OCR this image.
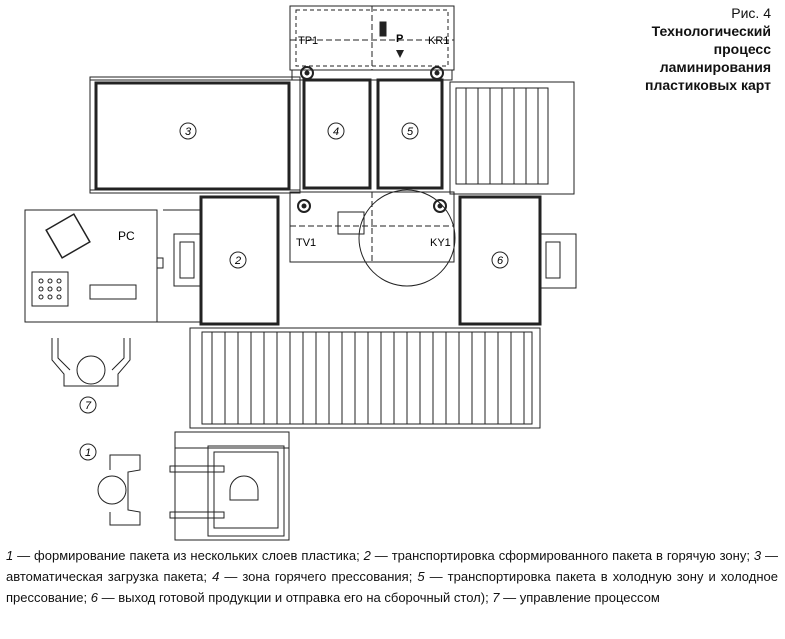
3	4	5
2	6
7
1
PC
TP1	P KR1
TV1	KY1
Рис. 4
Технологический
процесс
ламинирования
пластиковых карт
1 — формирование пакета из нескольких слоев пластика; 2 — транспортировка сформированного пакета в горячую зону; 3 — автоматическая загрузка пакета; 4 — зона горячего прессования; 5 — транспортировка пакета в холодную зону и холодное прессование; 6 — выход готовой продукции и отправка его на сборочный стол); 7 — управление процессом
